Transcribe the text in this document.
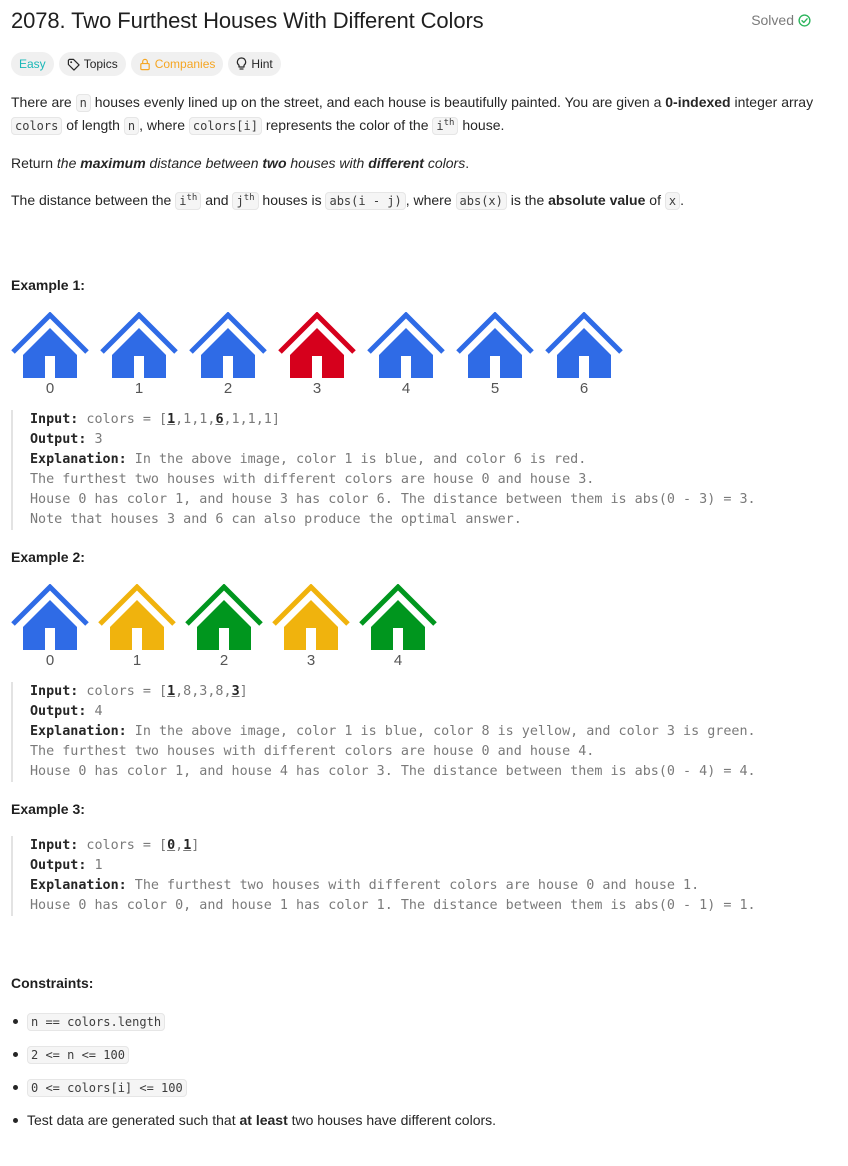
2078. Two Furthest Houses With Different Colors	Solved
Easy	Topics	Companies	Hint

There are n houses evenly lined up on the street, and each house is beautifully painted. You are given a 0-indexed integer array
colors of length n , where colors[i] represents the color of the $i^{th}$ house.

Return the maximum distance between two houses with different colors.

The distance between the $i^{th}$ and $j^{th}$ houses is abs(i - j) , where abs(x) is the absolute value of x .

Example 1:

0	1	2	3	4	5	6
Input: colors = [1,1,1,6,1,1,1]
Output: 3
Explanation: In the above image, color 1 is blue, and color 6 is red.
The furthest two houses with different colors are house 0 and house 3.
House 0 has color 1, and house 3 has color 6. The distance between them is abs(0 - 3) = 3.
Note that houses 3 and 6 can also produce the optimal answer.

Example 2:

0	1	2	3	4
Input: colors = [1,8,3,8,3]
Output: 4
Explanation: In the above image, color 1 is blue, color 8 is yellow, and color 3 is green.
The furthest two houses with different colors are house 0 and house 4.
House 0 has color 1, and house 4 has color 3. The distance between them is abs(0 - 4) = 4.

Example 3:

Input: colors = [0,1]
Output: 1
Explanation: The furthest two houses with different colors are house 0 and house 1.
House 0 has color 0, and house 1 has color 1. The distance between them is abs(0 - 1) = 1.

Constraints:

n == colors.length
2 <= n <= 100
0 <= colors[i] <= 100
Test data are generated such that at least two houses have different colors.
